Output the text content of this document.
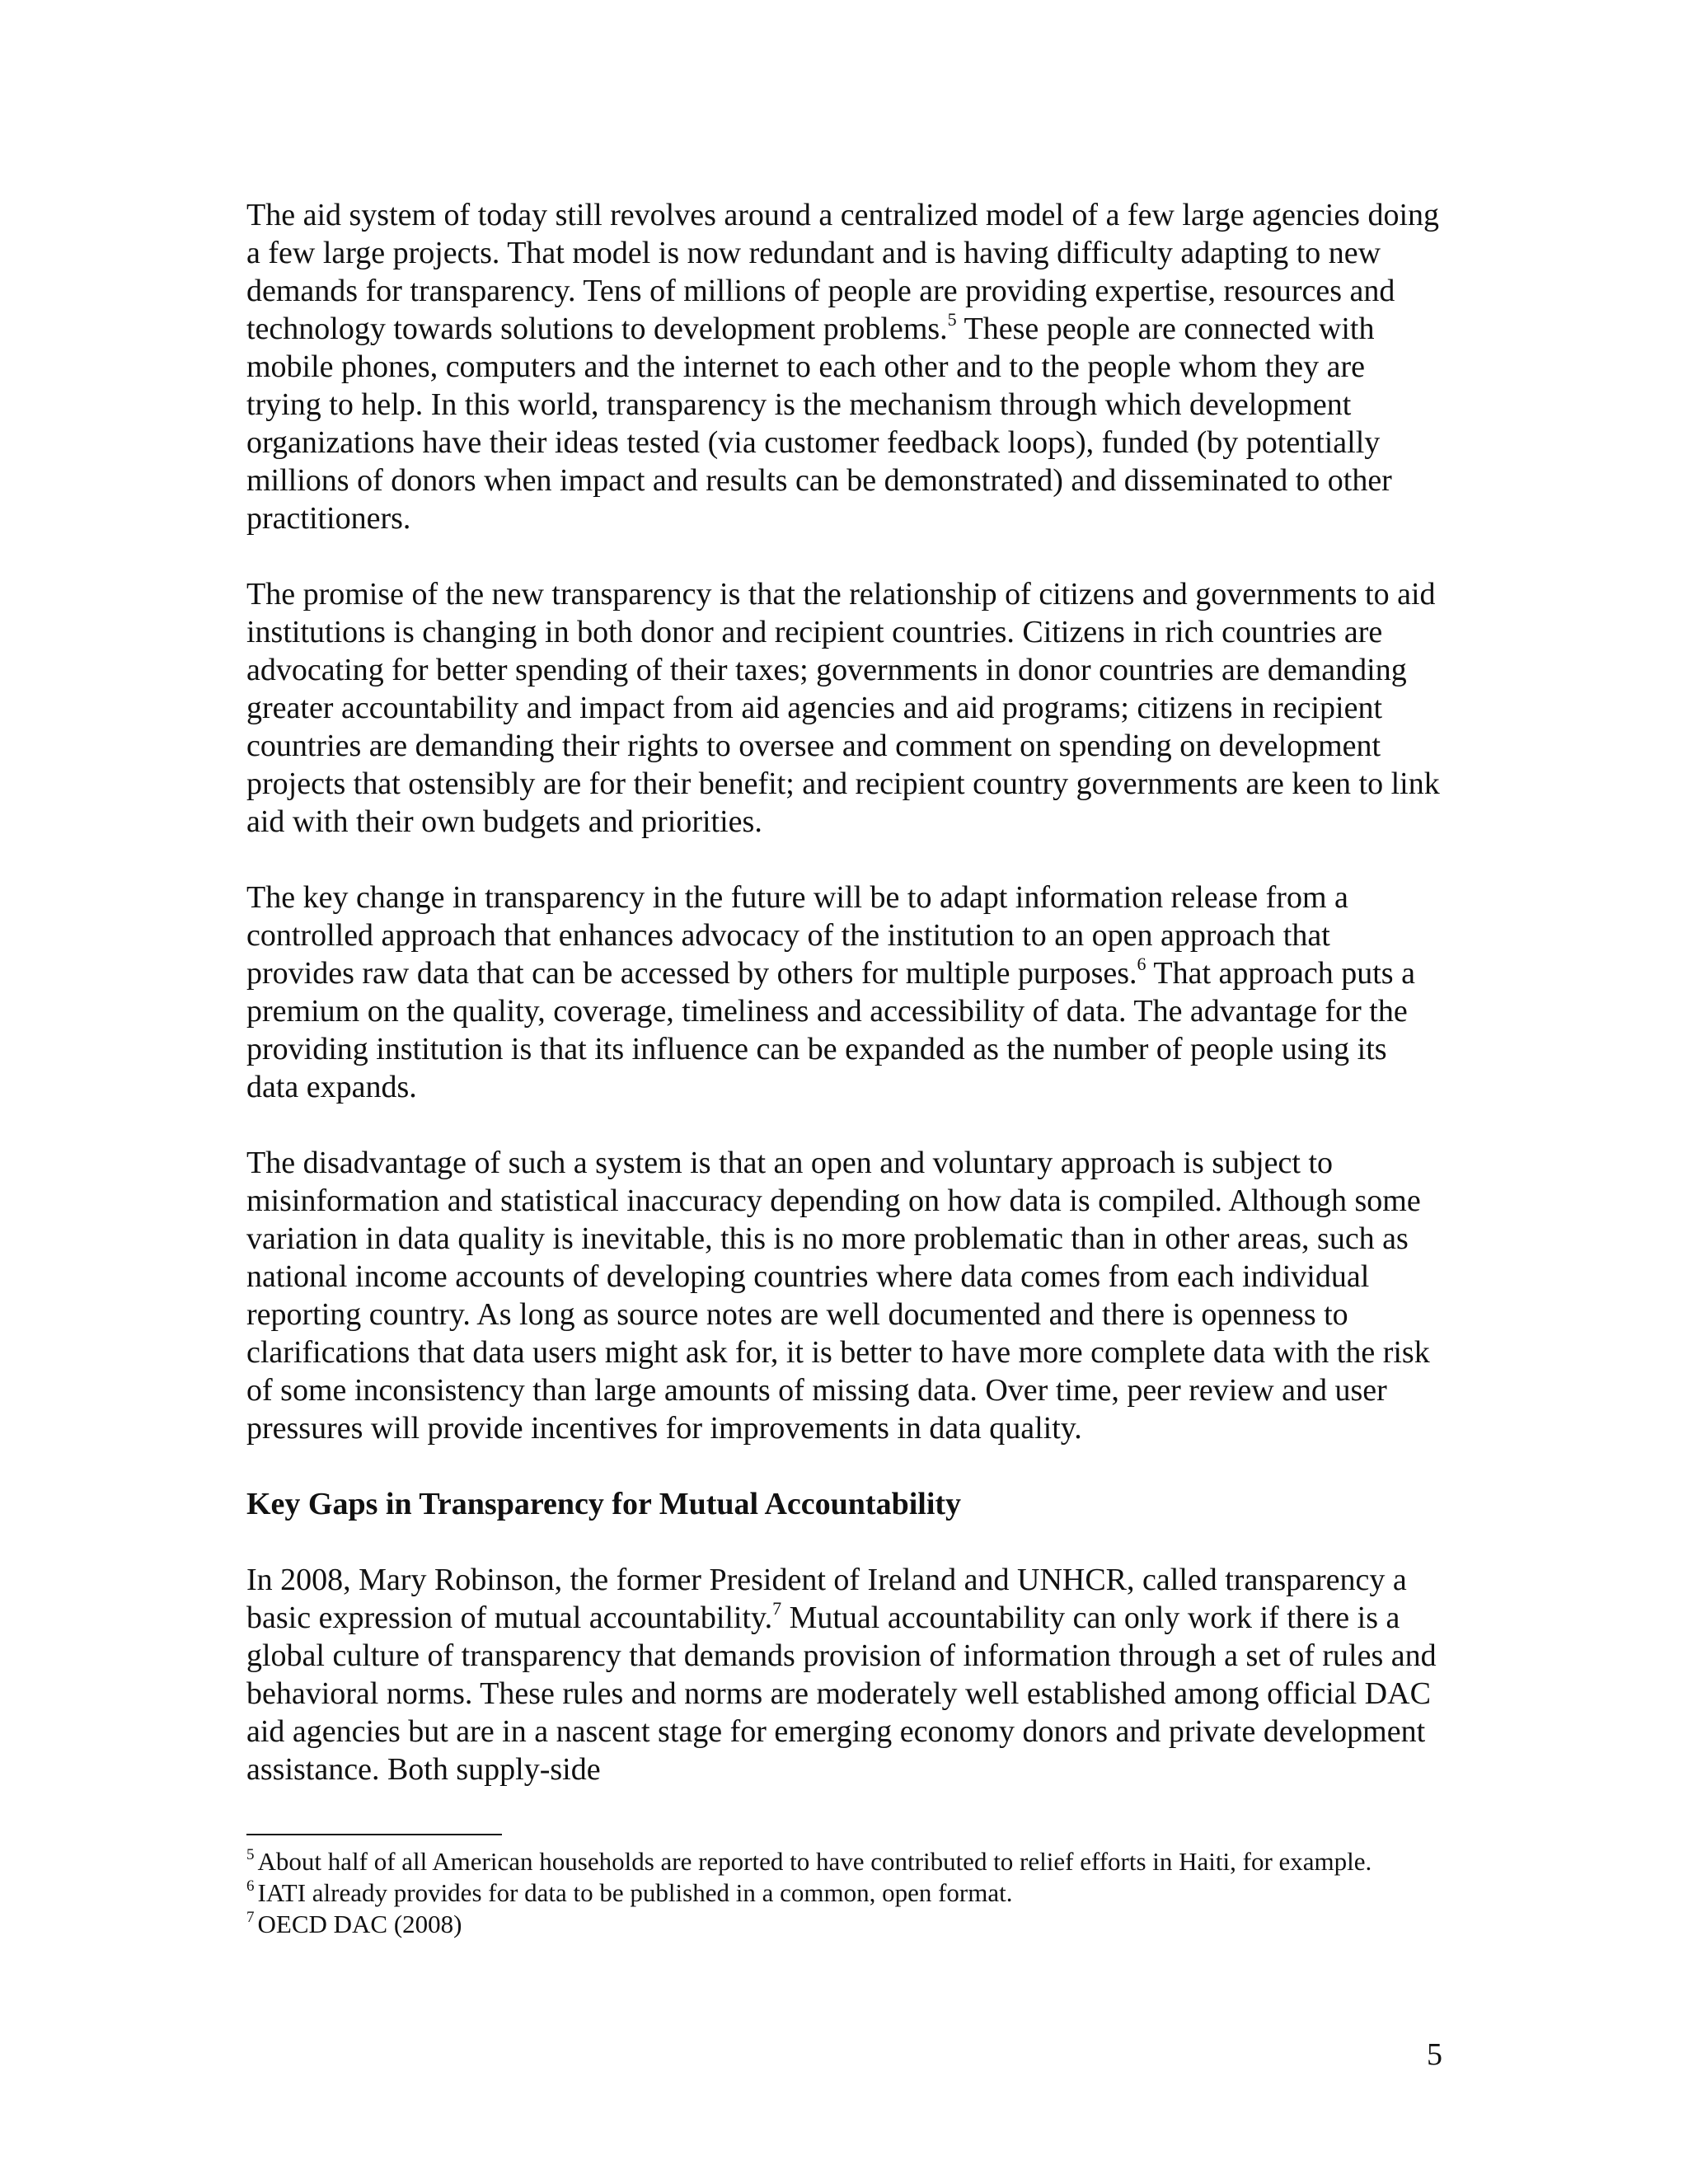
The aid system of today still revolves around a centralized model of a few large agencies doing a few large projects. That model is now redundant and is having difficulty adapting to new demands for transparency. Tens of millions of people are providing expertise, resources and technology towards solutions to development problems.$^5$ These people are connected with mobile phones, computers and the internet to each other and to the people whom they are trying to help. In this world, transparency is the mechanism through which development organizations have their ideas tested (via customer feedback loops), funded (by potentially millions of donors when impact and results can be demonstrated) and disseminated to other practitioners.

The promise of the new transparency is that the relationship of citizens and governments to aid institutions is changing in both donor and recipient countries. Citizens in rich countries are advocating for better spending of their taxes; governments in donor countries are demanding greater accountability and impact from aid agencies and aid programs; citizens in recipient countries are demanding their rights to oversee and comment on spending on development projects that ostensibly are for their benefit; and recipient country governments are keen to link aid with their own budgets and priorities.

The key change in transparency in the future will be to adapt information release from a controlled approach that enhances advocacy of the institution to an open approach that provides raw data that can be accessed by others for multiple purposes.$^6$ That approach puts a premium on the quality, coverage, timeliness and accessibility of data. The advantage for the providing institution is that its influence can be expanded as the number of people using its data expands.

The disadvantage of such a system is that an open and voluntary approach is subject to misinformation and statistical inaccuracy depending on how data is compiled. Although some variation in data quality is inevitable, this is no more problematic than in other areas, such as national income accounts of developing countries where data comes from each individual reporting country. As long as source notes are well documented and there is openness to clarifications that data users might ask for, it is better to have more complete data with the risk of some inconsistency than large amounts of missing data. Over time, peer review and user pressures will provide incentives for improvements in data quality.

Key Gaps in Transparency for Mutual Accountability

In 2008, Mary Robinson, the former President of Ireland and UNHCR, called transparency a basic expression of mutual accountability.$^7$ Mutual accountability can only work if there is a global culture of transparency that demands provision of information through a set of rules and behavioral norms. These rules and norms are moderately well established among official DAC aid agencies but are in a nascent stage for emerging economy donors and private development assistance. Both supply-side

$^5$ About half of all American households are reported to have contributed to relief efforts in Haiti, for example.

$^6$ IATI already provides for data to be published in a common, open format.

$^7$ OECD DAC (2008)

5
